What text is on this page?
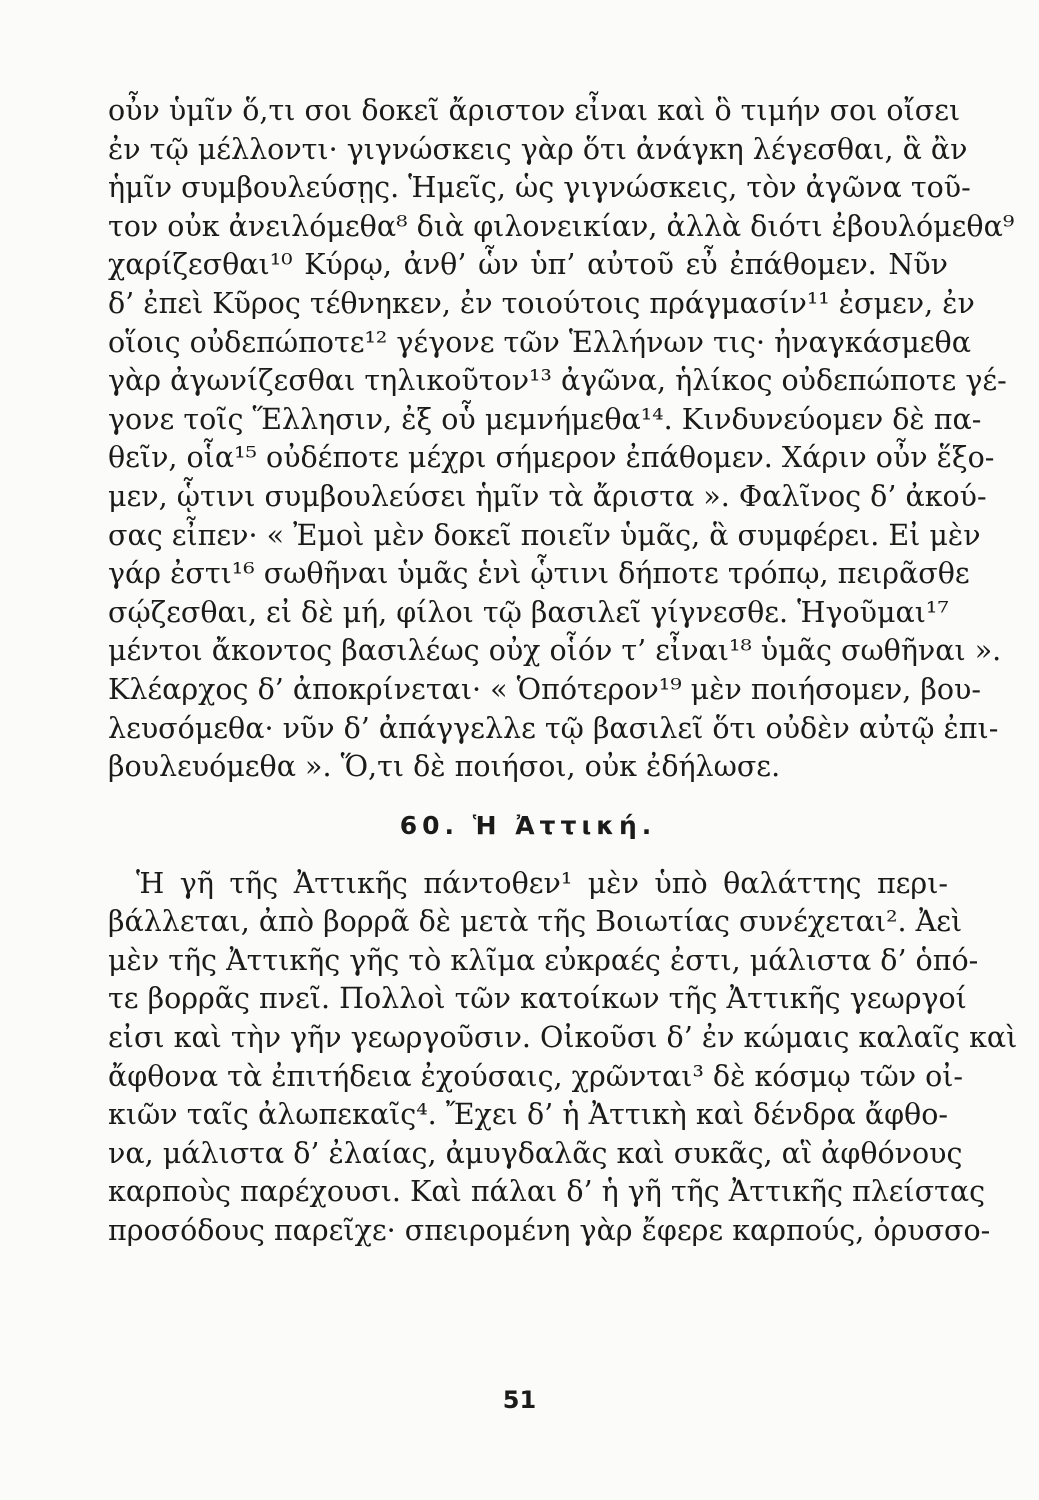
οὖν ὑμῖν ὅ,τι σοι δοκεῖ ἄριστον εἶναι καὶ ὃ τιμήν σοι οἴσει
ἐν τῷ μέλλοντι· γιγνώσκεις γὰρ ὅτι ἀνάγκη λέγεσθαι, ἃ ἂν
ἡμῖν συμβουλεύσῃς. Ἡμεῖς, ὡς γιγνώσκεις, τὸν ἀγῶνα τοῦ-
τον οὐκ ἀνειλόμεθα⁸ διὰ φιλονεικίαν, ἀλλὰ διότι ἐβουλόμεθα⁹
χαρίζεσθαι¹⁰ Κύρῳ, ἀνθ’ ὧν ὑπ’ αὐτοῦ εὖ ἐπάθομεν. Νῦν
δ’ ἐπεὶ Κῦρος τέθνηκεν, ἐν τοιούτοις πράγμασίν¹¹ ἐσμεν, ἐν
οἵοις οὐδεπώποτε¹² γέγονε τῶν Ἑλλήνων τις· ἠναγκάσμεθα
γὰρ ἀγωνίζεσθαι τηλικοῦτον¹³ ἀγῶνα, ἡλίκος οὐδεπώποτε γέ-
γονε τοῖς Ἕλλησιν, ἐξ οὗ μεμνήμεθα¹⁴. Κινδυνεύομεν δὲ πα-
θεῖν, οἷα¹⁵ οὐδέποτε μέχρι σήμερον ἐπάθομεν. Χάριν οὖν ἕξο-
μεν, ᾧτινι συμβουλεύσει ἡμῖν τὰ ἄριστα ». Φαλῖνος δ’ ἀκού-
σας εἶπεν· « Ἐμοὶ μὲν δοκεῖ ποιεῖν ὑμᾶς, ἃ συμφέρει. Εἰ μὲν
γάρ ἐστι¹⁶ σωθῆναι ὑμᾶς ἑνὶ ᾧτινι δήποτε τρόπῳ, πειρᾶσθε
σῴζεσθαι, εἰ δὲ μή, φίλοι τῷ βασιλεῖ γίγνεσθε. Ἡγοῦμαι¹⁷
μέντοι ἄκοντος βασιλέως οὐχ οἷόν τ’ εἶναι¹⁸ ὑμᾶς σωθῆναι ».
Κλέαρχος δ’ ἀποκρίνεται· « Ὁπότερον¹⁹ μὲν ποιήσομεν, βου-
λευσόμεθα· νῦν δ’ ἀπάγγελλε τῷ βασιλεῖ ὅτι οὐδὲν αὐτῷ ἐπι-
βουλευόμεθα ». Ὅ,τι δὲ ποιήσοι, οὐκ ἐδήλωσε.
60. Ἡ Ἀττική.
Ἡ γῆ τῆς Ἀττικῆς πάντοθεν¹ μὲν ὑπὸ θαλάττης περι-
βάλλεται, ἀπὸ βορρᾶ δὲ μετὰ τῆς Βοιωτίας συνέχεται². Ἀεὶ
μὲν τῆς Ἀττικῆς γῆς τὸ κλῖμα εὐκραές ἐστι, μάλιστα δ’ ὁπό-
τε βορρᾶς πνεῖ. Πολλοὶ τῶν κατοίκων τῆς Ἀττικῆς γεωργοί
εἰσι καὶ τὴν γῆν γεωργοῦσιν. Οἰκοῦσι δ’ ἐν κώμαις καλαῖς καὶ
ἄφθονα τὰ ἐπιτήδεια ἐχούσαις, χρῶνται³ δὲ κόσμῳ τῶν οἰ-
κιῶν ταῖς ἀλωπεκαῖς⁴. Ἔχει δ’ ἡ Ἀττικὴ καὶ δένδρα ἄφθο-
να, μάλιστα δ’ ἐλαίας, ἀμυγδαλᾶς καὶ συκᾶς, αἳ ἀφθόνους
καρποὺς παρέχουσι. Καὶ πάλαι δ’ ἡ γῆ τῆς Ἀττικῆς πλείστας
προσόδους παρεῖχε· σπειρομένη γὰρ ἔφερε καρπούς, ὀρυσσο-
51
